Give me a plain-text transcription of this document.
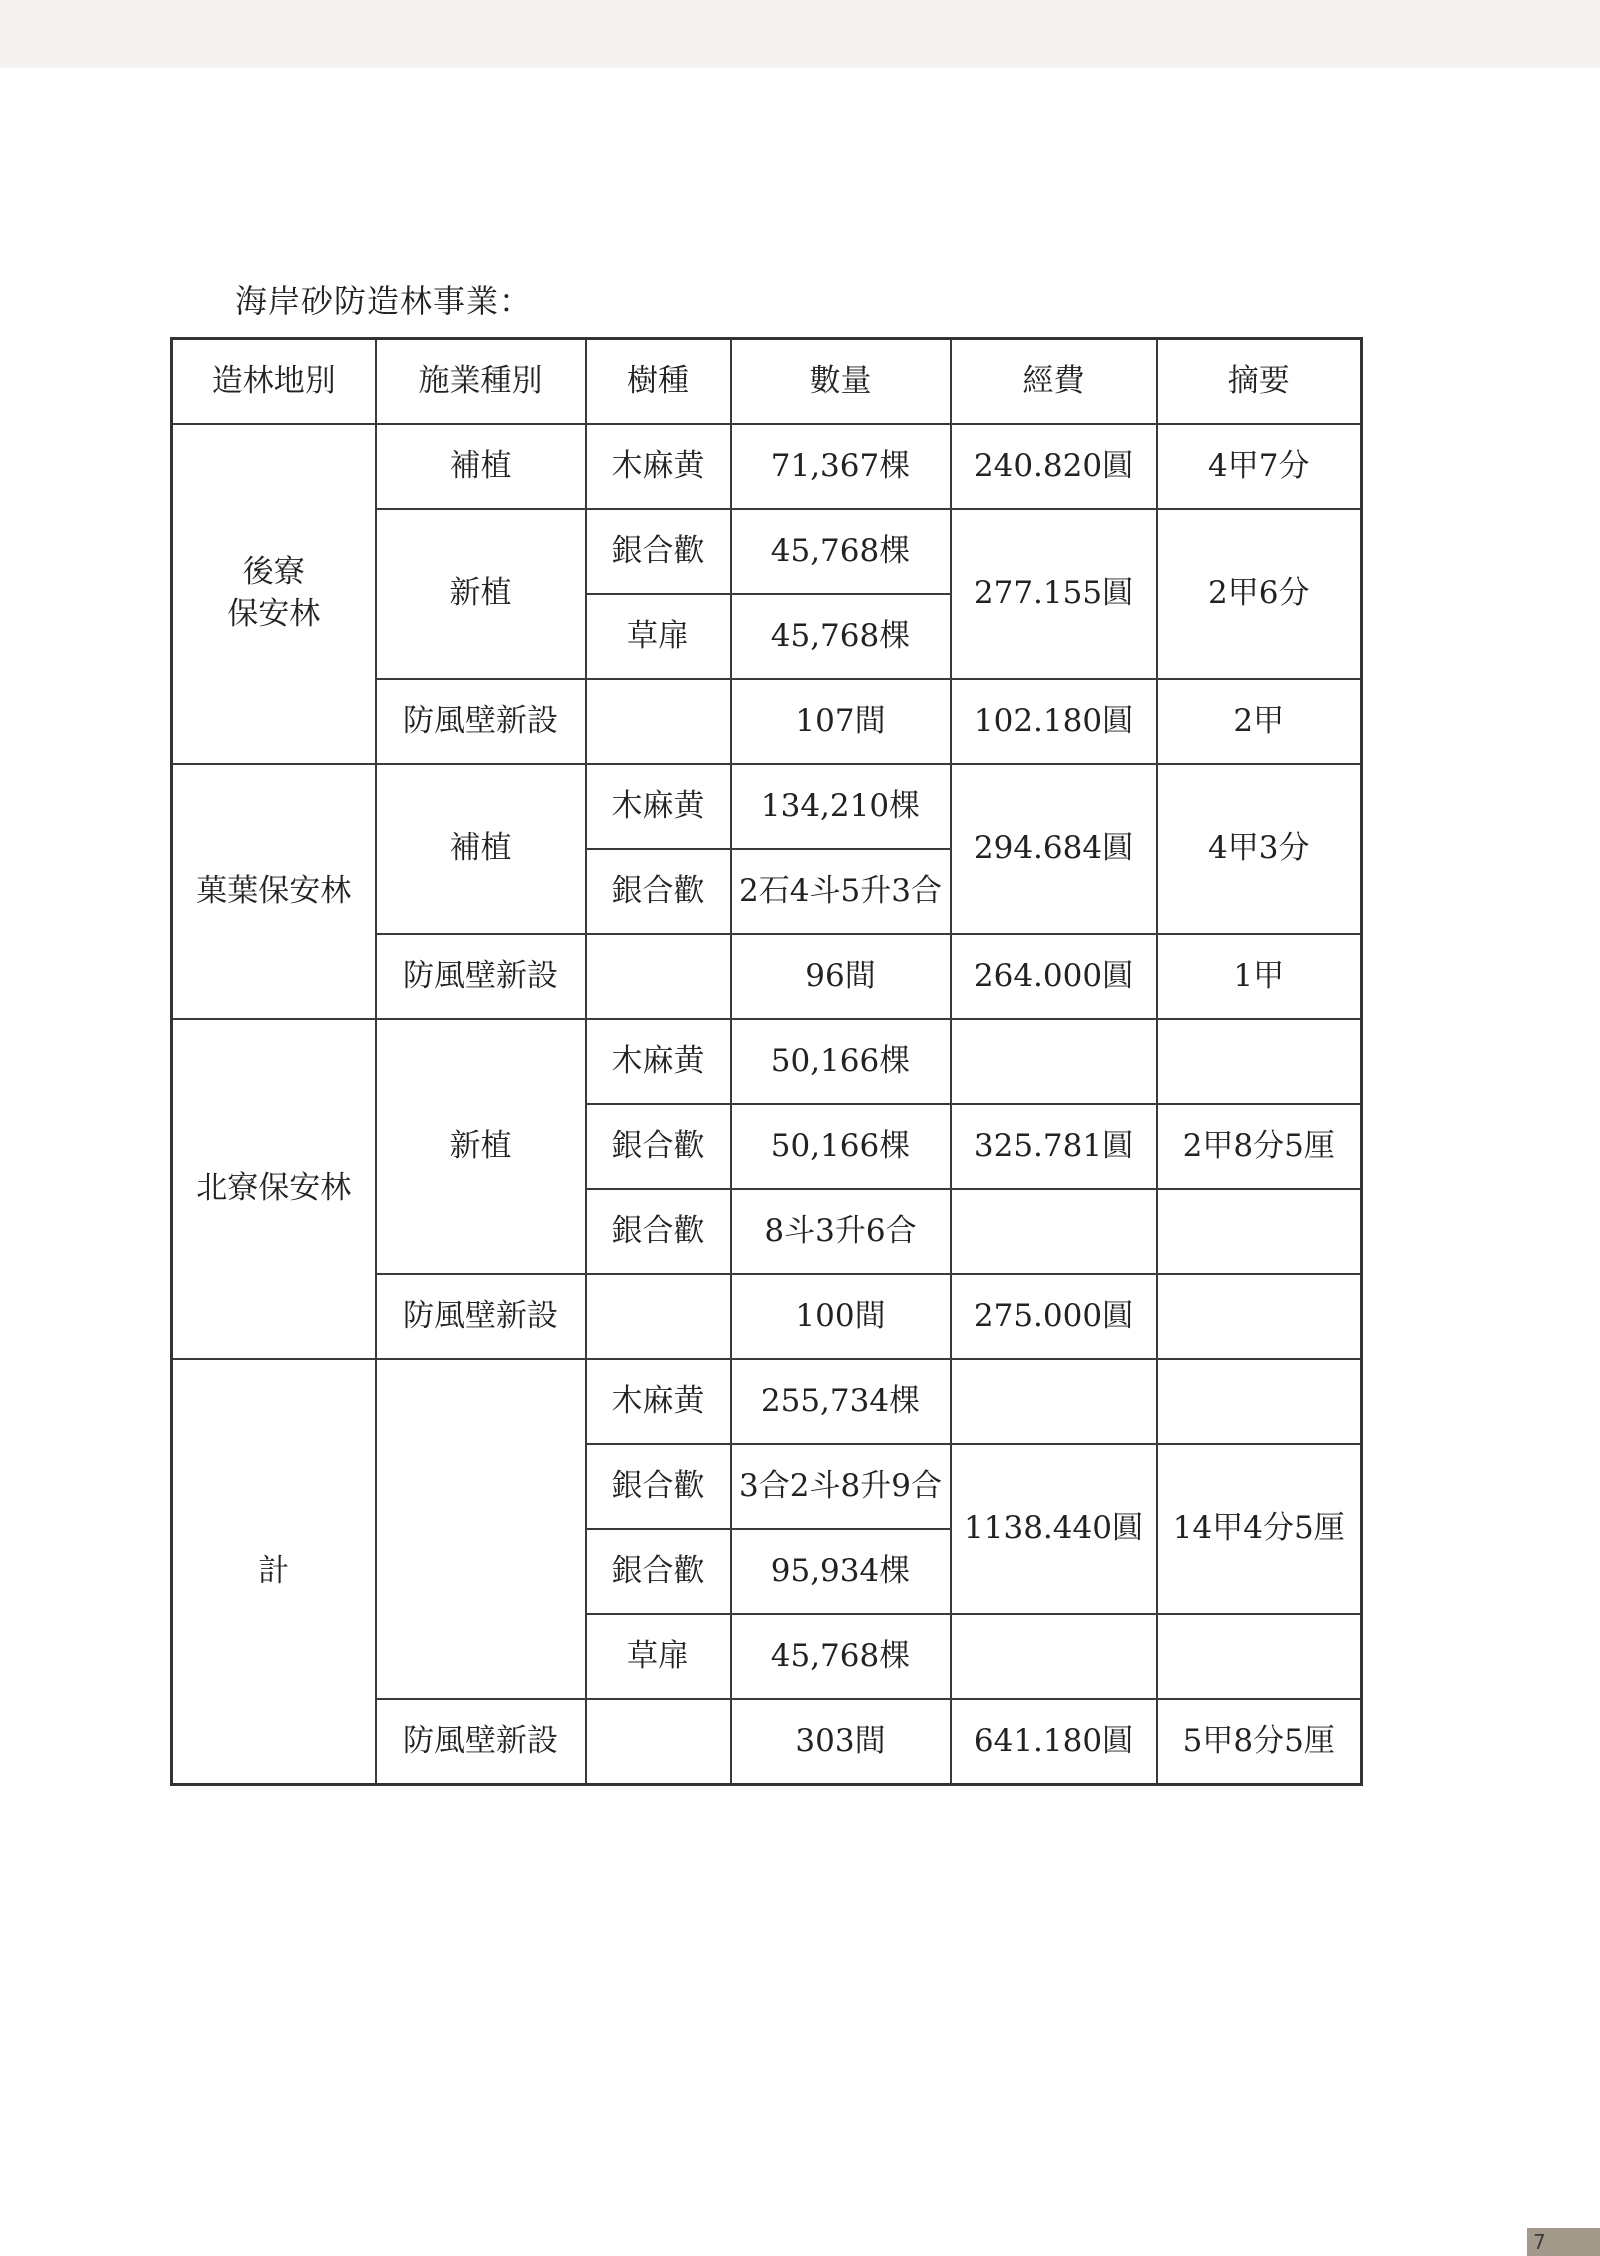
海岸砂防造林事業：
造林地別	施業種別	樹種	數量	經費	摘要
後寮
保安林	補植	木麻黄	71,367棵	240.820圓	4甲7分
	新植	銀合歡	45,768棵	277.155圓	2甲6分
		草扉	45,768棵		
	防風壁新設		107間	102.180圓	2甲
菓葉保安林	補植	木麻黄	134,210棵	294.684圓	4甲3分
		銀合歡	2石4斗5升3合		
	防風壁新設		96間	264.000圓	1甲
北寮保安林	新植	木麻黄	50,166棵		
		銀合歡	50,166棵	325.781圓	2甲8分5厘
		銀合歡	8斗3升6合		
	防風壁新設		100間	275.000圓	
計		木麻黄	255,734棵		
		銀合歡	3合2斗8升9合	1138.440圓	14甲4分5厘
		銀合歡	95,934棵		
		草扉	45,768棵		
	防風壁新設		303間	641.180圓	5甲8分5厘
7
